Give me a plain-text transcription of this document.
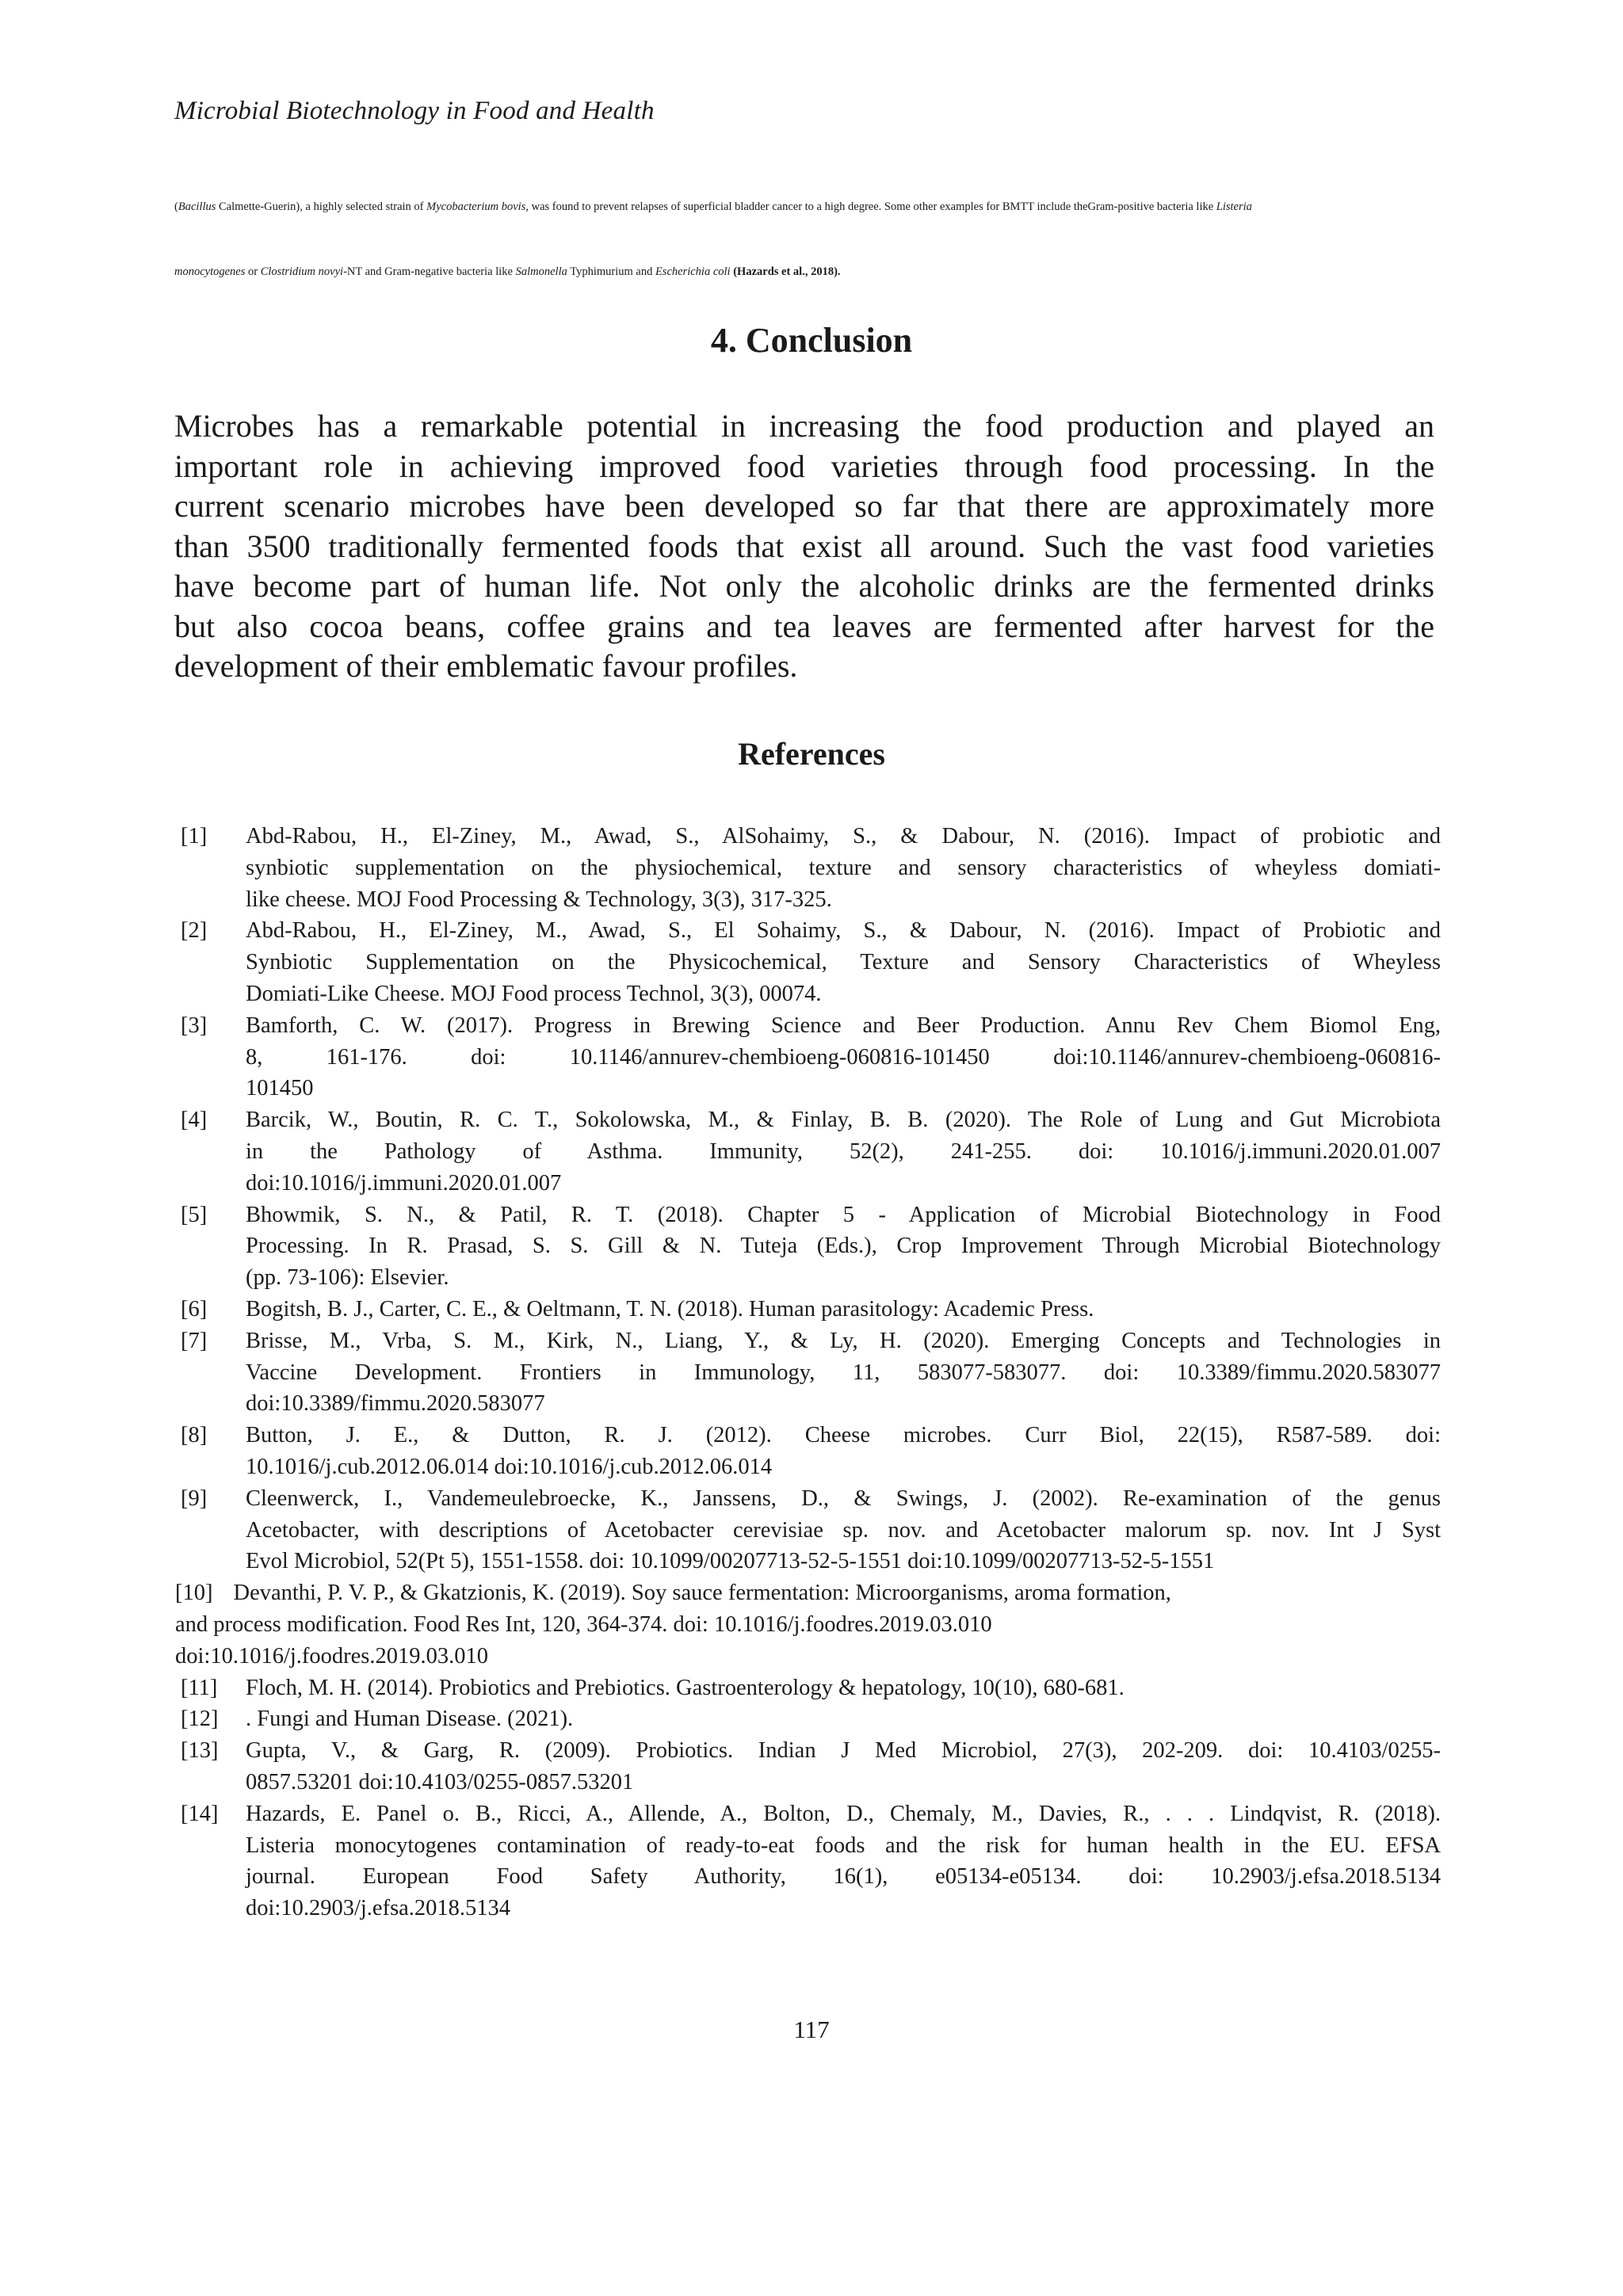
Microbial Biotechnology in Food and Health
(Bacillus Calmette-Guerin), a highly selected strain of Mycobacterium bovis, was found to prevent relapses of superficial bladder cancer to a high degree. Some other examples for BMTT include theGram-positive bacteria like Listeria
monocytogenes or Clostridium novyi-NT and Gram-negative bacteria like Salmonella Typhimurium and Escherichia coli (Hazards et al., 2018).
4. Conclusion
Microbes has a remarkable potential in increasing the food production and played an
important role in achieving improved food varieties through food processing. In the
current scenario microbes have been developed so far that there are approximately more
than 3500 traditionally fermented foods that exist all around. Such the vast food varieties
have become part of human life. Not only the alcoholic drinks are the fermented drinks
but also cocoa beans, coffee grains and tea leaves are fermented after harvest for the
development of their emblematic favour profiles.
References
[1] Abd-Rabou, H., El-Ziney, M., Awad, S., AlSohaimy, S., & Dabour, N. (2016). Impact of probiotic and
synbiotic supplementation on the physiochemical, texture and sensory characteristics of wheyless domiati-
like cheese. MOJ Food Processing & Technology, 3(3), 317-325.
[2] Abd-Rabou, H., El-Ziney, M., Awad, S., El Sohaimy, S., & Dabour, N. (2016). Impact of Probiotic and
Synbiotic Supplementation on the Physicochemical, Texture and Sensory Characteristics of Wheyless
Domiati-Like Cheese. MOJ Food process Technol, 3(3), 00074.
[3] Bamforth, C. W. (2017). Progress in Brewing Science and Beer Production. Annu Rev Chem Biomol Eng,
8, 161-176. doi: 10.1146/annurev-chembioeng-060816-101450 doi:10.1146/annurev-chembioeng-060816-
101450
[4] Barcik, W., Boutin, R. C. T., Sokolowska, M., & Finlay, B. B. (2020). The Role of Lung and Gut Microbiota
in the Pathology of Asthma. Immunity, 52(2), 241-255. doi: 10.1016/j.immuni.2020.01.007
doi:10.1016/j.immuni.2020.01.007
[5] Bhowmik, S. N., & Patil, R. T. (2018). Chapter 5 - Application of Microbial Biotechnology in Food
Processing. In R. Prasad, S. S. Gill & N. Tuteja (Eds.), Crop Improvement Through Microbial Biotechnology
(pp. 73-106): Elsevier.
[6] Bogitsh, B. J., Carter, C. E., & Oeltmann, T. N. (2018). Human parasitology: Academic Press.
[7] Brisse, M., Vrba, S. M., Kirk, N., Liang, Y., & Ly, H. (2020). Emerging Concepts and Technologies in
Vaccine Development. Frontiers in Immunology, 11, 583077-583077. doi: 10.3389/fimmu.2020.583077
doi:10.3389/fimmu.2020.583077
[8] Button, J. E., & Dutton, R. J. (2012). Cheese microbes. Curr Biol, 22(15), R587-589. doi:
10.1016/j.cub.2012.06.014 doi:10.1016/j.cub.2012.06.014
[9] Cleenwerck, I., Vandemeulebroecke, K., Janssens, D., & Swings, J. (2002). Re-examination of the genus
Acetobacter, with descriptions of Acetobacter cerevisiae sp. nov. and Acetobacter malorum sp. nov. Int J Syst
Evol Microbiol, 52(Pt 5), 1551-1558. doi: 10.1099/00207713-52-5-1551 doi:10.1099/00207713-52-5-1551
[10] Devanthi, P. V. P., & Gkatzionis, K. (2019). Soy sauce fermentation: Microorganisms, aroma formation,
and process modification. Food Res Int, 120, 364-374. doi: 10.1016/j.foodres.2019.03.010
doi:10.1016/j.foodres.2019.03.010
[11] Floch, M. H. (2014). Probiotics and Prebiotics. Gastroenterology & hepatology, 10(10), 680-681.
[12] . Fungi and Human Disease. (2021).
[13] Gupta, V., & Garg, R. (2009). Probiotics. Indian J Med Microbiol, 27(3), 202-209. doi: 10.4103/0255-
0857.53201 doi:10.4103/0255-0857.53201
[14] Hazards, E. Panel o. B., Ricci, A., Allende, A., Bolton, D., Chemaly, M., Davies, R., . . . Lindqvist, R. (2018).
Listeria monocytogenes contamination of ready-to-eat foods and the risk for human health in the EU. EFSA
journal. European Food Safety Authority, 16(1), e05134-e05134. doi: 10.2903/j.efsa.2018.5134
doi:10.2903/j.efsa.2018.5134
117
